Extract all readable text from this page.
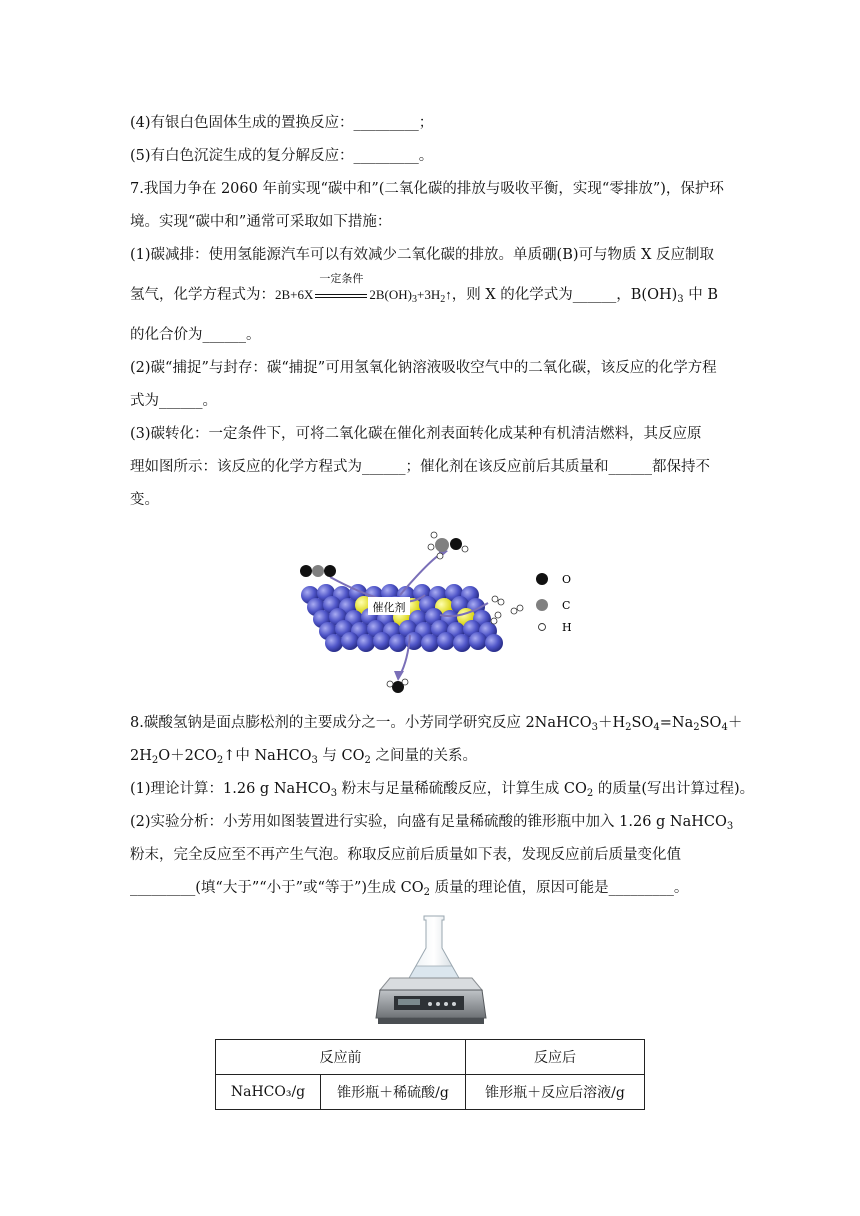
(4)有银白色固体生成的置换反应：_________；
(5)有白色沉淀生成的复分解反应：_________。
7.我国力争在 2060 年前实现“碳中和”(二氧化碳的排放与吸收平衡，实现“零排放”)，保护环
境。实现“碳中和”通常可采取如下措施：
(1)碳减排：使用氢能源汽车可以有效减少二氧化碳的排放。单质硼(B)可与物质 X 反应制取
氢气，化学方程式为：2B+6X
一定条件
$2B(OH)_3+3H_2↑$，则 X 的化学式为______，$B(OH)_3$ 中 B
的化合价为______。
(2)碳“捕捉”与封存：碳“捕捉”可用氢氧化钠溶液吸收空气中的二氧化碳，该反应的化学方程
式为______。
(3)碳转化：一定条件下，可将二氧化碳在催化剂表面转化成某种有机清洁燃料，其反应原
理如图所示：该反应的化学方程式为______；催化剂在该反应前后其质量和______都保持不
变。
催化剂
O
C
H
8.碳酸氢钠是面点膨松剂的主要成分之一。小芳同学研究反应 $2NaHCO_3+H_2SO_4=Na_2SO_4+$
$2H_2O+2CO_2↑$中 NaHCO$_3$ 与 $CO_2$ 之间量的关系。
(1)理论计算：1.26 g NaHCO$_3$ 粉末与足量稀硫酸反应，计算生成 $CO_2$ 的质量(写出计算过程)。
(2)实验分析：小芳用如图装置进行实验，向盛有足量稀硫酸的锥形瓶中加入 1.26 g NaHCO$_3$
粉末，完全反应至不再产生气泡。称取反应前后质量如下表，发现反应前后质量变化值
_________(填“大于”“小于”或“等于”)生成 $CO_2$ 质量的理论值，原因可能是_________。
反应前		反应后
NaHCO₃/g	锥形瓶＋稀硫酸/g	锥形瓶＋反应后溶液/g
